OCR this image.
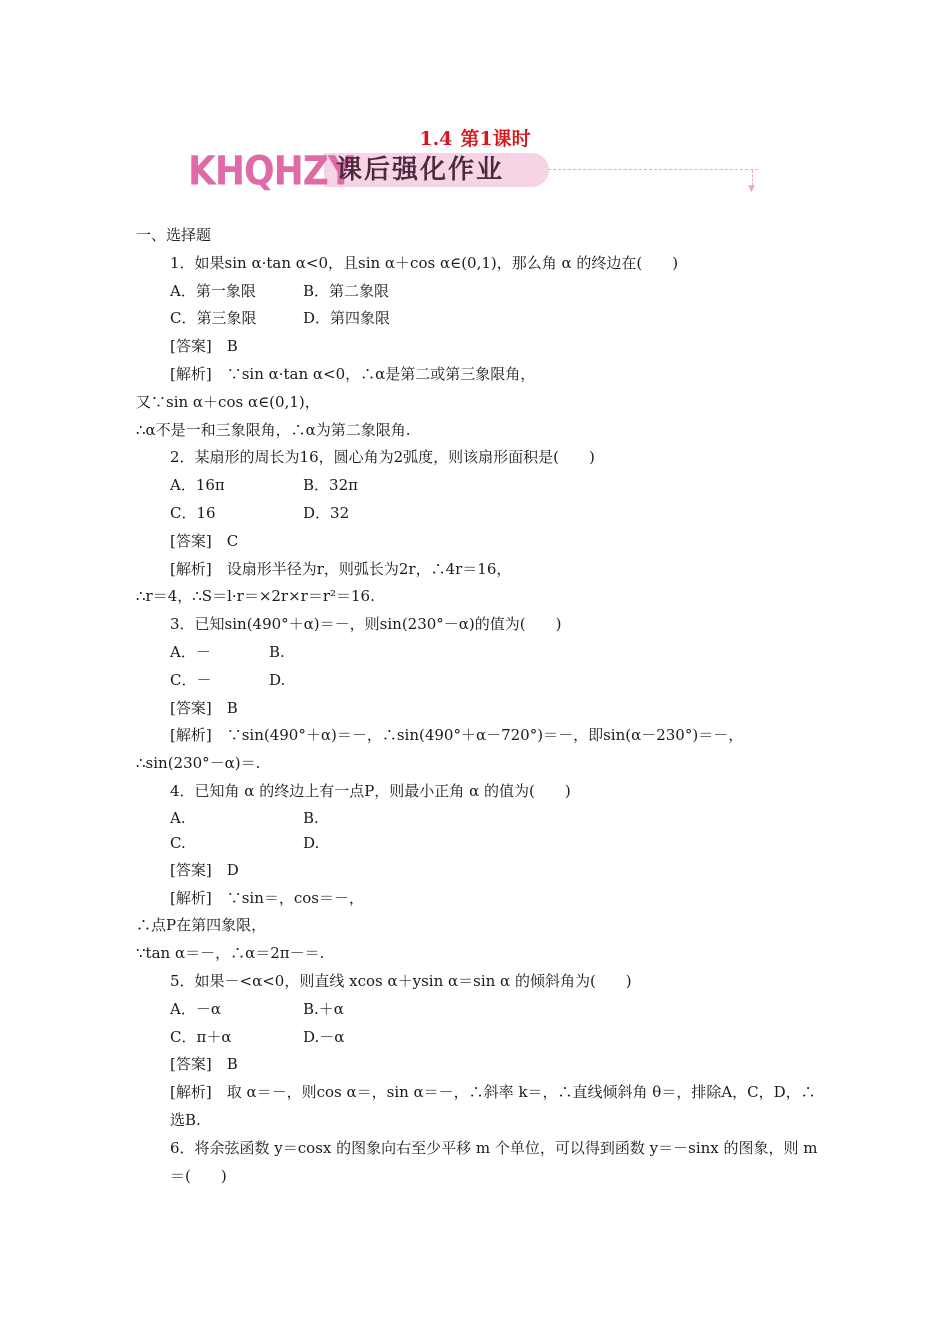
1.4 第1课时
KHQHZY
课后强化作业
▼
一、选择题
1．如果sin α·tan α<0，且sin α＋cos α∈(0,1)，那么角 α 的终边在(　　)
A．第一象限	B．第二象限
C．第三象限	D．第四象限
[答案]　B
[解析]　∵sin α·tan α<0，∴α是第二或第三象限角，
又∵sin α＋cos α∈(0,1)，
∴α不是一和三象限角，∴α为第二象限角.
2．某扇形的周长为16，圆心角为2弧度，则该扇形面积是(　　)
A．16π	B．32π
C．16	D．32
[答案]　C
[解析]　设扇形半径为r，则弧长为2r，∴4r＝16，
∴r＝4，∴S＝l·r＝×2r×r＝r²＝16.
3．已知sin(490°＋α)＝－，则sin(230°－α)的值为(　　)
A．－	B.
C．－	D.
[答案]　B
[解析]　∵sin(490°＋α)＝－，∴sin(490°＋α－720°)＝－，即sin(α－230°)＝－，
∴sin(230°－α)＝.
4．已知角 α 的终边上有一点P，则最小正角 α 的值为(　　)
A.	B.
C.	D.
[答案]　D
[解析]　∵sin＝，cos＝－，
∴点P在第四象限，
∵tan α＝－，∴α＝2π－＝.
5．如果－<α<0，则直线 xcos α＋ysin α＝sin α 的倾斜角为(　　)
A．－α	B.＋α
C．π＋α	D.－α
[答案]　B
[解析]　取 α＝－，则cos α＝，sin α＝－，∴斜率 k＝，∴直线倾斜角 θ＝，排除A，C，D，∴选B.
6．将余弦函数 y＝cosx 的图象向右至少平移 m 个单位，可以得到函数 y＝－sinx 的图象，则 m＝(　　)
